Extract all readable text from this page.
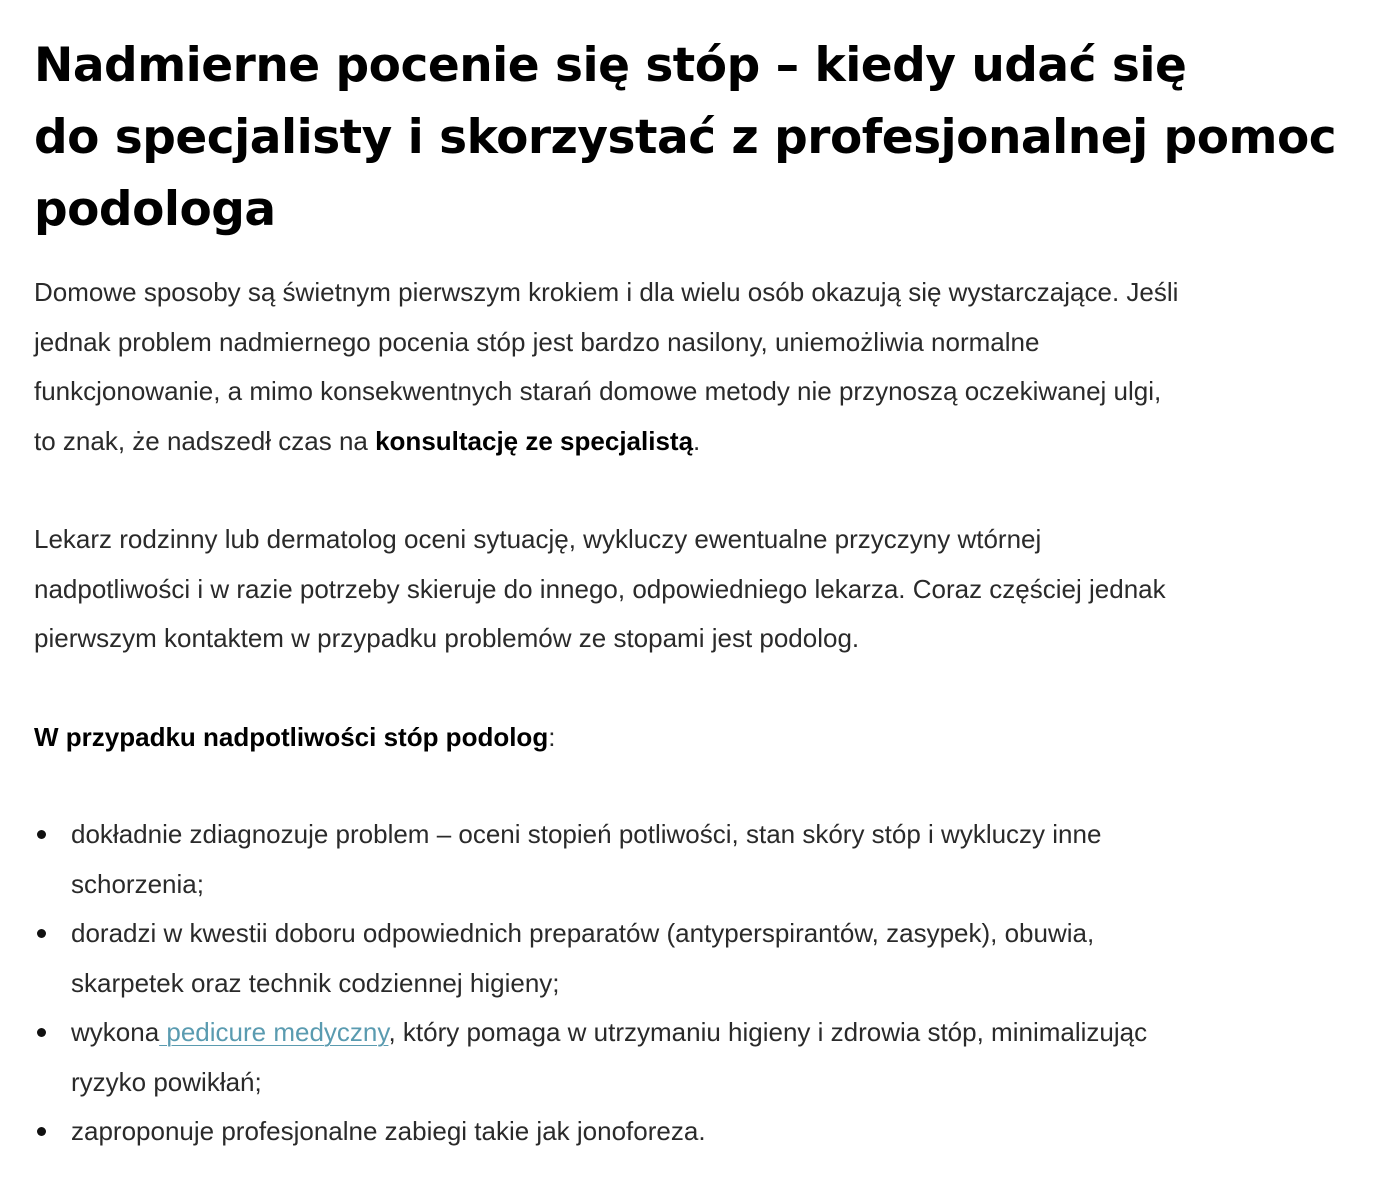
Nadmierne pocenie się stóp – kiedy udać się
do specjalisty i skorzystać z profesjonalnej pomoc
podologa

Domowe sposoby są świetnym pierwszym krokiem i dla wielu osób okazują się wystarczające. Jeśli
jednak problem nadmiernego pocenia stóp jest bardzo nasilony, uniemożliwia normalne
funkcjonowanie, a mimo konsekwentnych starań domowe metody nie przynoszą oczekiwanej ulgi,
to znak, że nadszedł czas na konsultację ze specjalistą.

Lekarz rodzinny lub dermatolog oceni sytuację, wykluczy ewentualne przyczyny wtórnej
nadpotliwości i w razie potrzeby skieruje do innego, odpowiedniego lekarza. Coraz częściej jednak
pierwszym kontaktem w przypadku problemów ze stopami jest podolog.

W przypadku nadpotliwości stóp podolog:

dokładnie zdiagnozuje problem – oceni stopień potliwości, stan skóry stóp i wykluczy inne
schorzenia;
doradzi w kwestii doboru odpowiednich preparatów (antyperspirantów, zasypek), obuwia,
skarpetek oraz technik codziennej higieny;
wykona pedicure medyczny, który pomaga w utrzymaniu higieny i zdrowia stóp, minimalizując
ryzyko powikłań;
zaproponuje profesjonalne zabiegi takie jak jonoforeza.
